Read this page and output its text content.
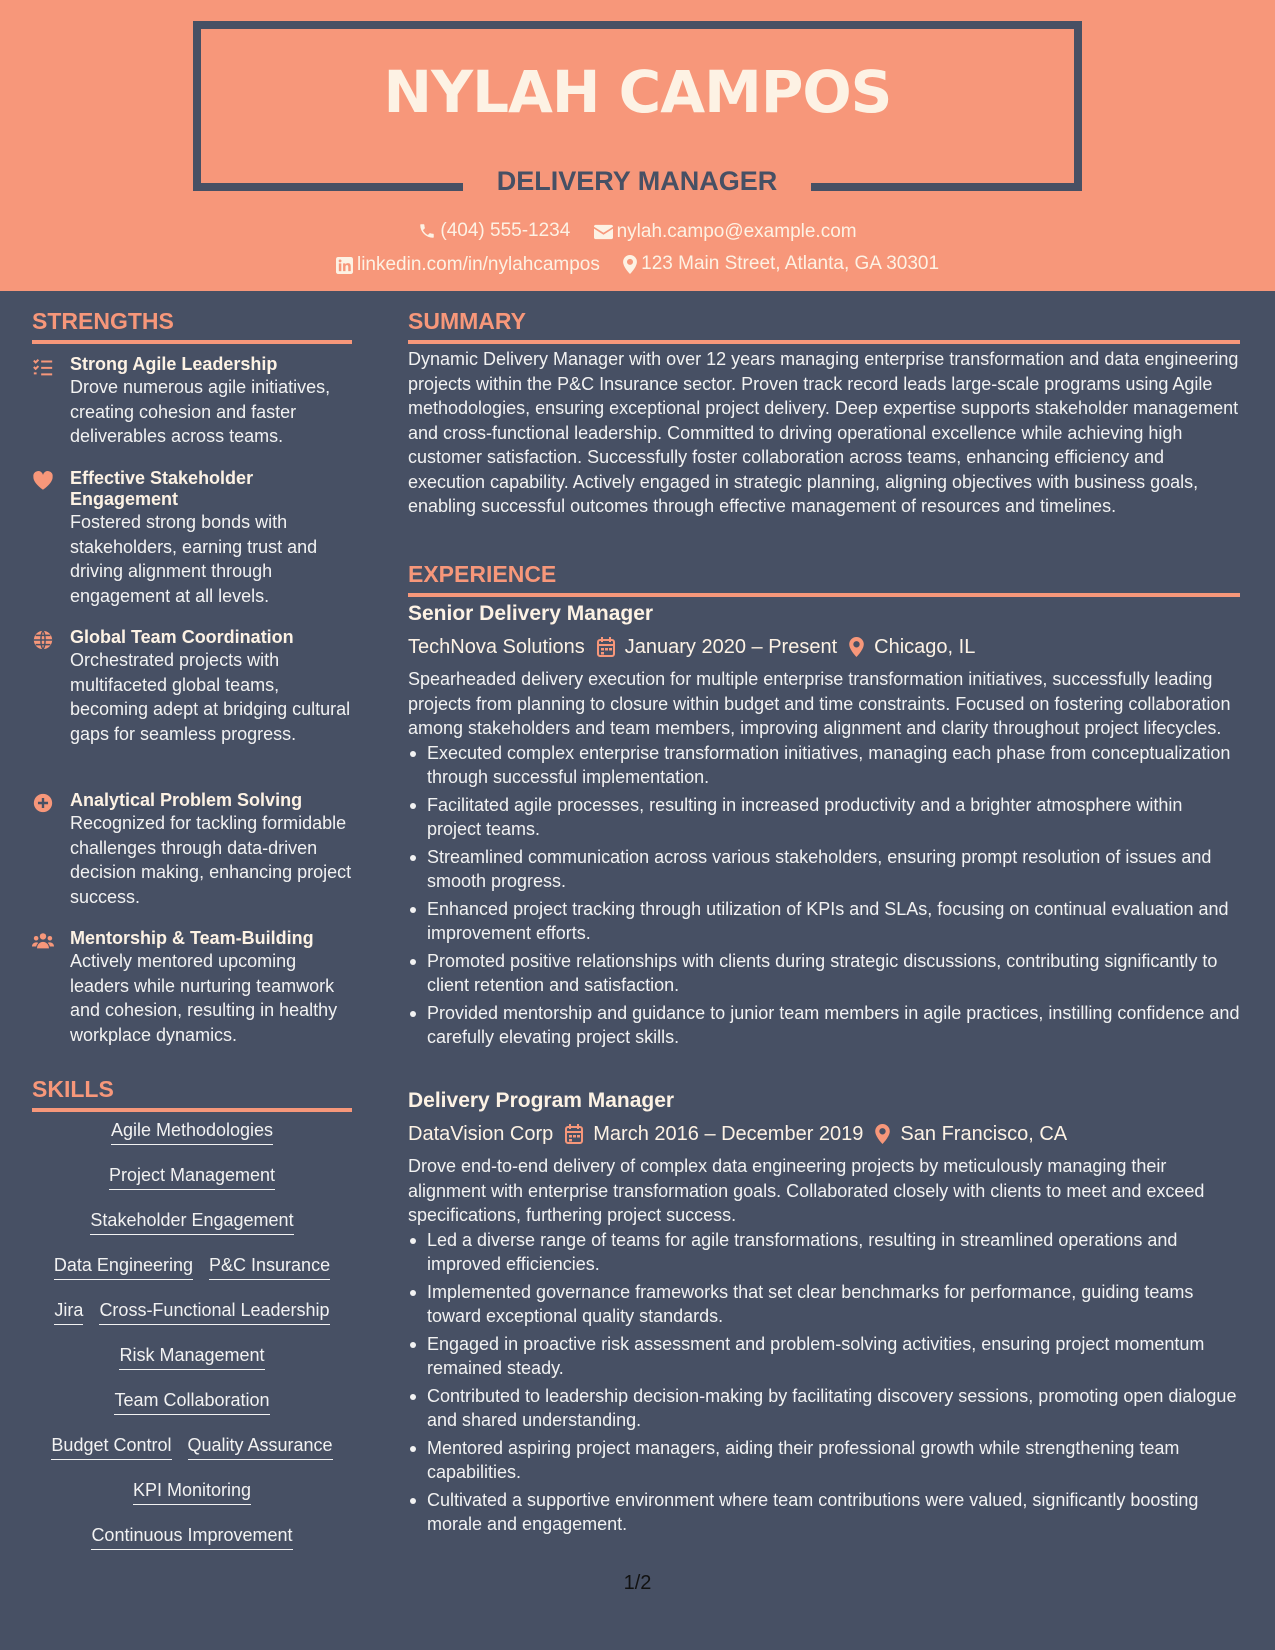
NYLAH CAMPOS
DELIVERY MANAGER
(404) 555-1234
nylah.campo@example.com
linkedin.com/in/nylahcampos
123 Main Street, Atlanta, GA 30301
STRENGTHS
Strong Agile Leadership
Drove numerous agile initiatives, creating cohesion and faster deliverables across teams.
Effective Stakeholder Engagement
Fostered strong bonds with stakeholders, earning trust and driving alignment through engagement at all levels.
Global Team Coordination
Orchestrated projects with multifaceted global teams, becoming adept at bridging cultural gaps for seamless progress.
Analytical Problem Solving
Recognized for tackling formidable challenges through data-driven decision making, enhancing project success.
Mentorship & Team-Building
Actively mentored upcoming leaders while nurturing teamwork and cohesion, resulting in healthy workplace dynamics.
SKILLS
Agile Methodologies
Project Management
Stakeholder Engagement
Data Engineering P&C Insurance
Jira Cross-Functional Leadership
Risk Management
Team Collaboration
Budget Control Quality Assurance
KPI Monitoring
Continuous Improvement
SUMMARY
Dynamic Delivery Manager with over 12 years managing enterprise transformation and data engineering projects within the P&C Insurance sector. Proven track record leads large-scale programs using Agile methodologies, ensuring exceptional project delivery. Deep expertise supports stakeholder management and cross-functional leadership. Committed to driving operational excellence while achieving high customer satisfaction. Successfully foster collaboration across teams, enhancing efficiency and execution capability. Actively engaged in strategic planning, aligning objectives with business goals, enabling successful outcomes through effective management of resources and timelines.
EXPERIENCE
Senior Delivery Manager
TechNova Solutions January 2020 – Present Chicago, IL
Spearheaded delivery execution for multiple enterprise transformation initiatives, successfully leading projects from planning to closure within budget and time constraints. Focused on fostering collaboration among stakeholders and team members, improving alignment and clarity throughout project lifecycles.
Executed complex enterprise transformation initiatives, managing each phase from conceptualization through successful implementation.
Facilitated agile processes, resulting in increased productivity and a brighter atmosphere within project teams.
Streamlined communication across various stakeholders, ensuring prompt resolution of issues and smooth progress.
Enhanced project tracking through utilization of KPIs and SLAs, focusing on continual evaluation and improvement efforts.
Promoted positive relationships with clients during strategic discussions, contributing significantly to client retention and satisfaction.
Provided mentorship and guidance to junior team members in agile practices, instilling confidence and carefully elevating project skills.
Delivery Program Manager
DataVision Corp March 2016 – December 2019 San Francisco, CA
Drove end-to-end delivery of complex data engineering projects by meticulously managing their alignment with enterprise transformation goals. Collaborated closely with clients to meet and exceed specifications, furthering project success.
Led a diverse range of teams for agile transformations, resulting in streamlined operations and improved efficiencies.
Implemented governance frameworks that set clear benchmarks for performance, guiding teams toward exceptional quality standards.
Engaged in proactive risk assessment and problem-solving activities, ensuring project momentum remained steady.
Contributed to leadership decision-making by facilitating discovery sessions, promoting open dialogue and shared understanding.
Mentored aspiring project managers, aiding their professional growth while strengthening team capabilities.
Cultivated a supportive environment where team contributions were valued, significantly boosting morale and engagement.
1/2
